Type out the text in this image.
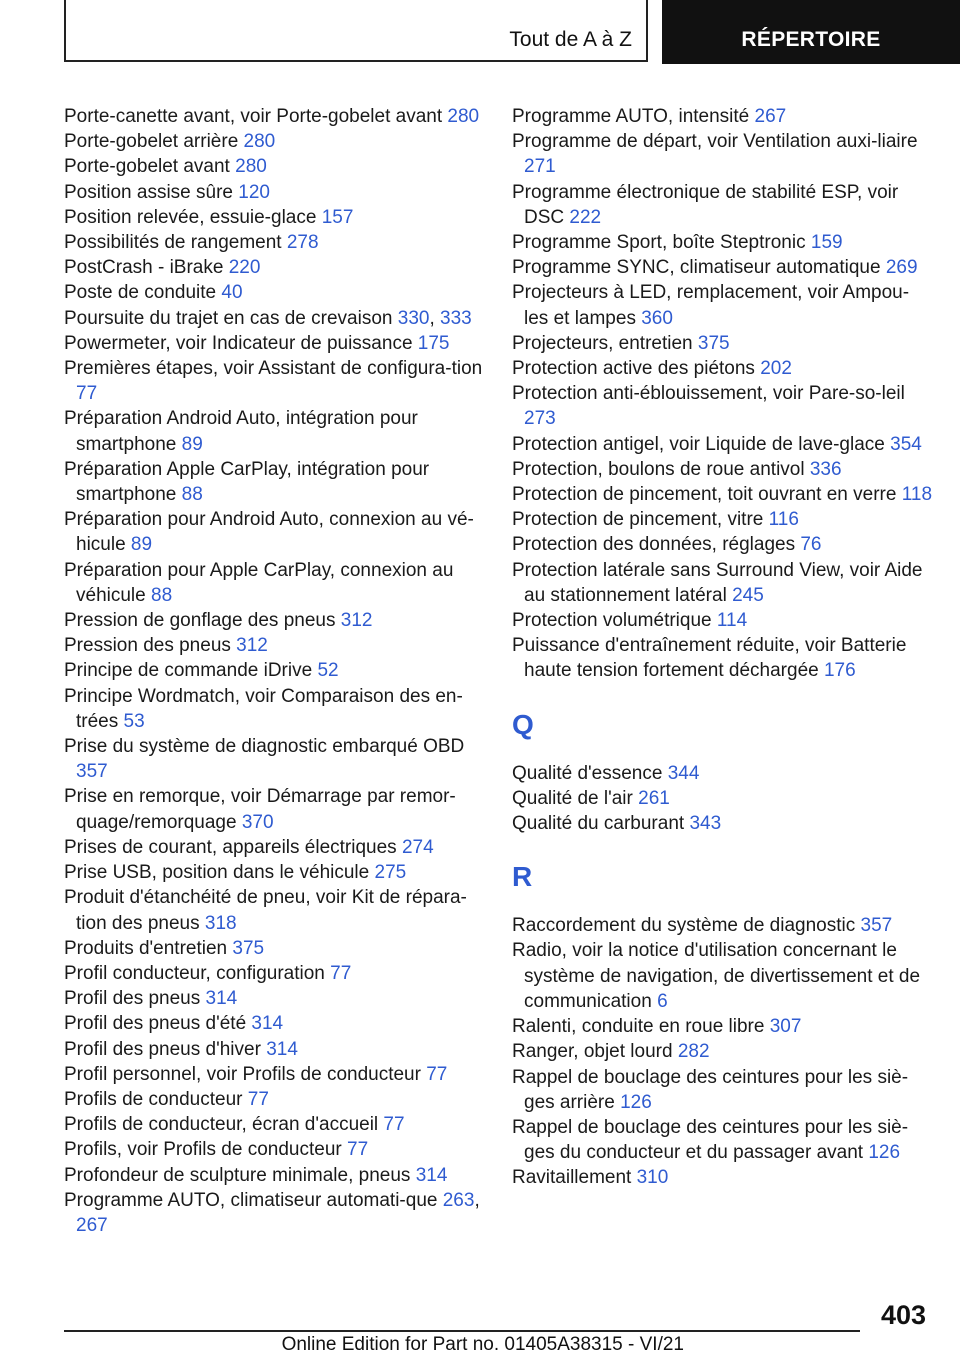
Tout de A à Z	RÉPERTOIRE
Porte-canette avant, voir Porte-gobelet avant 280
Porte-gobelet arrière 280
Porte-gobelet avant 280
Position assise sûre 120
Position relevée, essuie-glace 157
Possibilités de rangement 278
PostCrash - iBrake 220
Poste de conduite 40
Poursuite du trajet en cas de crevaison 330, 333
Powermeter, voir Indicateur de puissance 175
Premières étapes, voir Assistant de configura-tion 77
Préparation Android Auto, intégration pour smartphone 89
Préparation Apple CarPlay, intégration pour smartphone 88
Préparation pour Android Auto, connexion au vé-hicule 89
Préparation pour Apple CarPlay, connexion au véhicule 88
Pression de gonflage des pneus 312
Pression des pneus 312
Principe de commande iDrive 52
Principe Wordmatch, voir Comparaison des en-trées 53
Prise du système de diagnostic embarqué OBD 357
Prise en remorque, voir Démarrage par remor-quage/remorquage 370
Prises de courant, appareils électriques 274
Prise USB, position dans le véhicule 275
Produit d'étanchéité de pneu, voir Kit de répara-tion des pneus 318
Produits d'entretien 375
Profil conducteur, configuration 77
Profil des pneus 314
Profil des pneus d'été 314
Profil des pneus d'hiver 314
Profil personnel, voir Profils de conducteur 77
Profils de conducteur 77
Profils de conducteur, écran d'accueil 77
Profils, voir Profils de conducteur 77
Profondeur de sculpture minimale, pneus 314
Programme AUTO, climatiseur automati-que 263, 267
Programme AUTO, intensité 267
Programme de départ, voir Ventilation auxi-liaire 271
Programme électronique de stabilité ESP, voir DSC 222
Programme Sport, boîte Steptronic 159
Programme SYNC, climatiseur automatique 269
Projecteurs à LED, remplacement, voir Ampou-les et lampes 360
Projecteurs, entretien 375
Protection active des piétons 202
Protection anti-éblouissement, voir Pare-so-leil 273
Protection antigel, voir Liquide de lave-glace 354
Protection, boulons de roue antivol 336
Protection de pincement, toit ouvrant en verre 118
Protection de pincement, vitre 116
Protection des données, réglages 76
Protection latérale sans Surround View, voir Aide au stationnement latéral 245
Protection volumétrique 114
Puissance d'entraînement réduite, voir Batterie haute tension fortement déchargée 176
Q
Qualité d'essence 344
Qualité de l'air 261
Qualité du carburant 343
R
Raccordement du système de diagnostic 357
Radio, voir la notice d'utilisation concernant le système de navigation, de divertissement et de communication 6
Ralenti, conduite en roue libre 307
Ranger, objet lourd 282
Rappel de bouclage des ceintures pour les siè-ges arrière 126
Rappel de bouclage des ceintures pour les siè-ges du conducteur et du passager avant 126
Ravitaillement 310
403
Online Edition for Part no. 01405A38315 - VI/21
